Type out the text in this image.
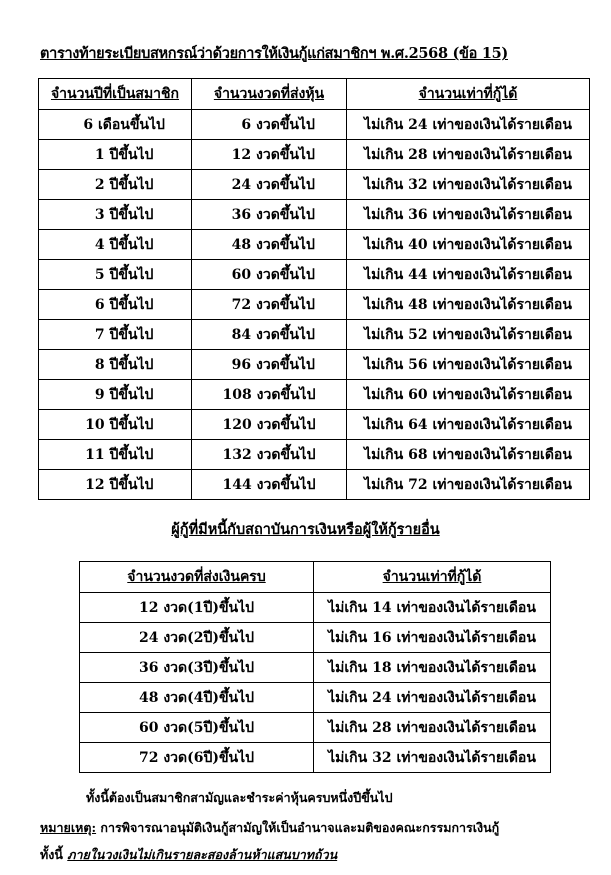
ตารางท้ายระเบียบสหกรณ์ว่าด้วยการให้เงินกู้แก่สมาชิกฯ พ.ศ.2568 (ข้อ 15)
จำนวนปีที่เป็นสมาชิก	จำนวนงวดที่ส่งหุ้น	จำนวนเท่าที่กู้ได้
6 เดือนขึ้นไป	6 งวดขึ้นไป	ไม่เกิน 24 เท่าของเงินได้รายเดือน
1 ปีขึ้นไป	12 งวดขึ้นไป	ไม่เกิน 28 เท่าของเงินได้รายเดือน
2 ปีขึ้นไป	24 งวดขึ้นไป	ไม่เกิน 32 เท่าของเงินได้รายเดือน
3 ปีขึ้นไป	36 งวดขึ้นไป	ไม่เกิน 36 เท่าของเงินได้รายเดือน
4 ปีขึ้นไป	48 งวดขึ้นไป	ไม่เกิน 40 เท่าของเงินได้รายเดือน
5 ปีขึ้นไป	60 งวดขึ้นไป	ไม่เกิน 44 เท่าของเงินได้รายเดือน
6 ปีขึ้นไป	72 งวดขึ้นไป	ไม่เกิน 48 เท่าของเงินได้รายเดือน
7 ปีขึ้นไป	84 งวดขึ้นไป	ไม่เกิน 52 เท่าของเงินได้รายเดือน
8 ปีขึ้นไป	96 งวดขึ้นไป	ไม่เกิน 56 เท่าของเงินได้รายเดือน
9 ปีขึ้นไป	108 งวดขึ้นไป	ไม่เกิน 60 เท่าของเงินได้รายเดือน
10 ปีขึ้นไป	120 งวดขึ้นไป	ไม่เกิน 64 เท่าของเงินได้รายเดือน
11 ปีขึ้นไป	132 งวดขึ้นไป	ไม่เกิน 68 เท่าของเงินได้รายเดือน
12 ปีขึ้นไป	144 งวดขึ้นไป	ไม่เกิน 72 เท่าของเงินได้รายเดือน
ผู้กู้ที่มีหนี้กับสถาบันการเงินหรือผู้ให้กู้รายอื่น
จำนวนงวดที่ส่งเงินครบ	จำนวนเท่าที่กู้ได้
12 งวด(1ปี)ขึ้นไป	ไม่เกิน 14 เท่าของเงินได้รายเดือน
24 งวด(2ปี)ขึ้นไป	ไม่เกิน 16 เท่าของเงินได้รายเดือน
36 งวด(3ปี)ขึ้นไป	ไม่เกิน 18 เท่าของเงินได้รายเดือน
48 งวด(4ปี)ขึ้นไป	ไม่เกิน 24 เท่าของเงินได้รายเดือน
60 งวด(5ปี)ขึ้นไป	ไม่เกิน 28 เท่าของเงินได้รายเดือน
72 งวด(6ปี)ขึ้นไป	ไม่เกิน 32 เท่าของเงินได้รายเดือน
ทั้งนี้ต้องเป็นสมาชิกสามัญและชำระค่าหุ้นครบหนึ่งปีขึ้นไป
หมายเหตุ: การพิจารณาอนุมัติเงินกู้สามัญให้เป็นอำนาจและมติของคณะกรรมการเงินกู้
ทั้งนี้ ภายในวงเงินไม่เกินรายละสองล้านห้าแสนบาทถ้วน
